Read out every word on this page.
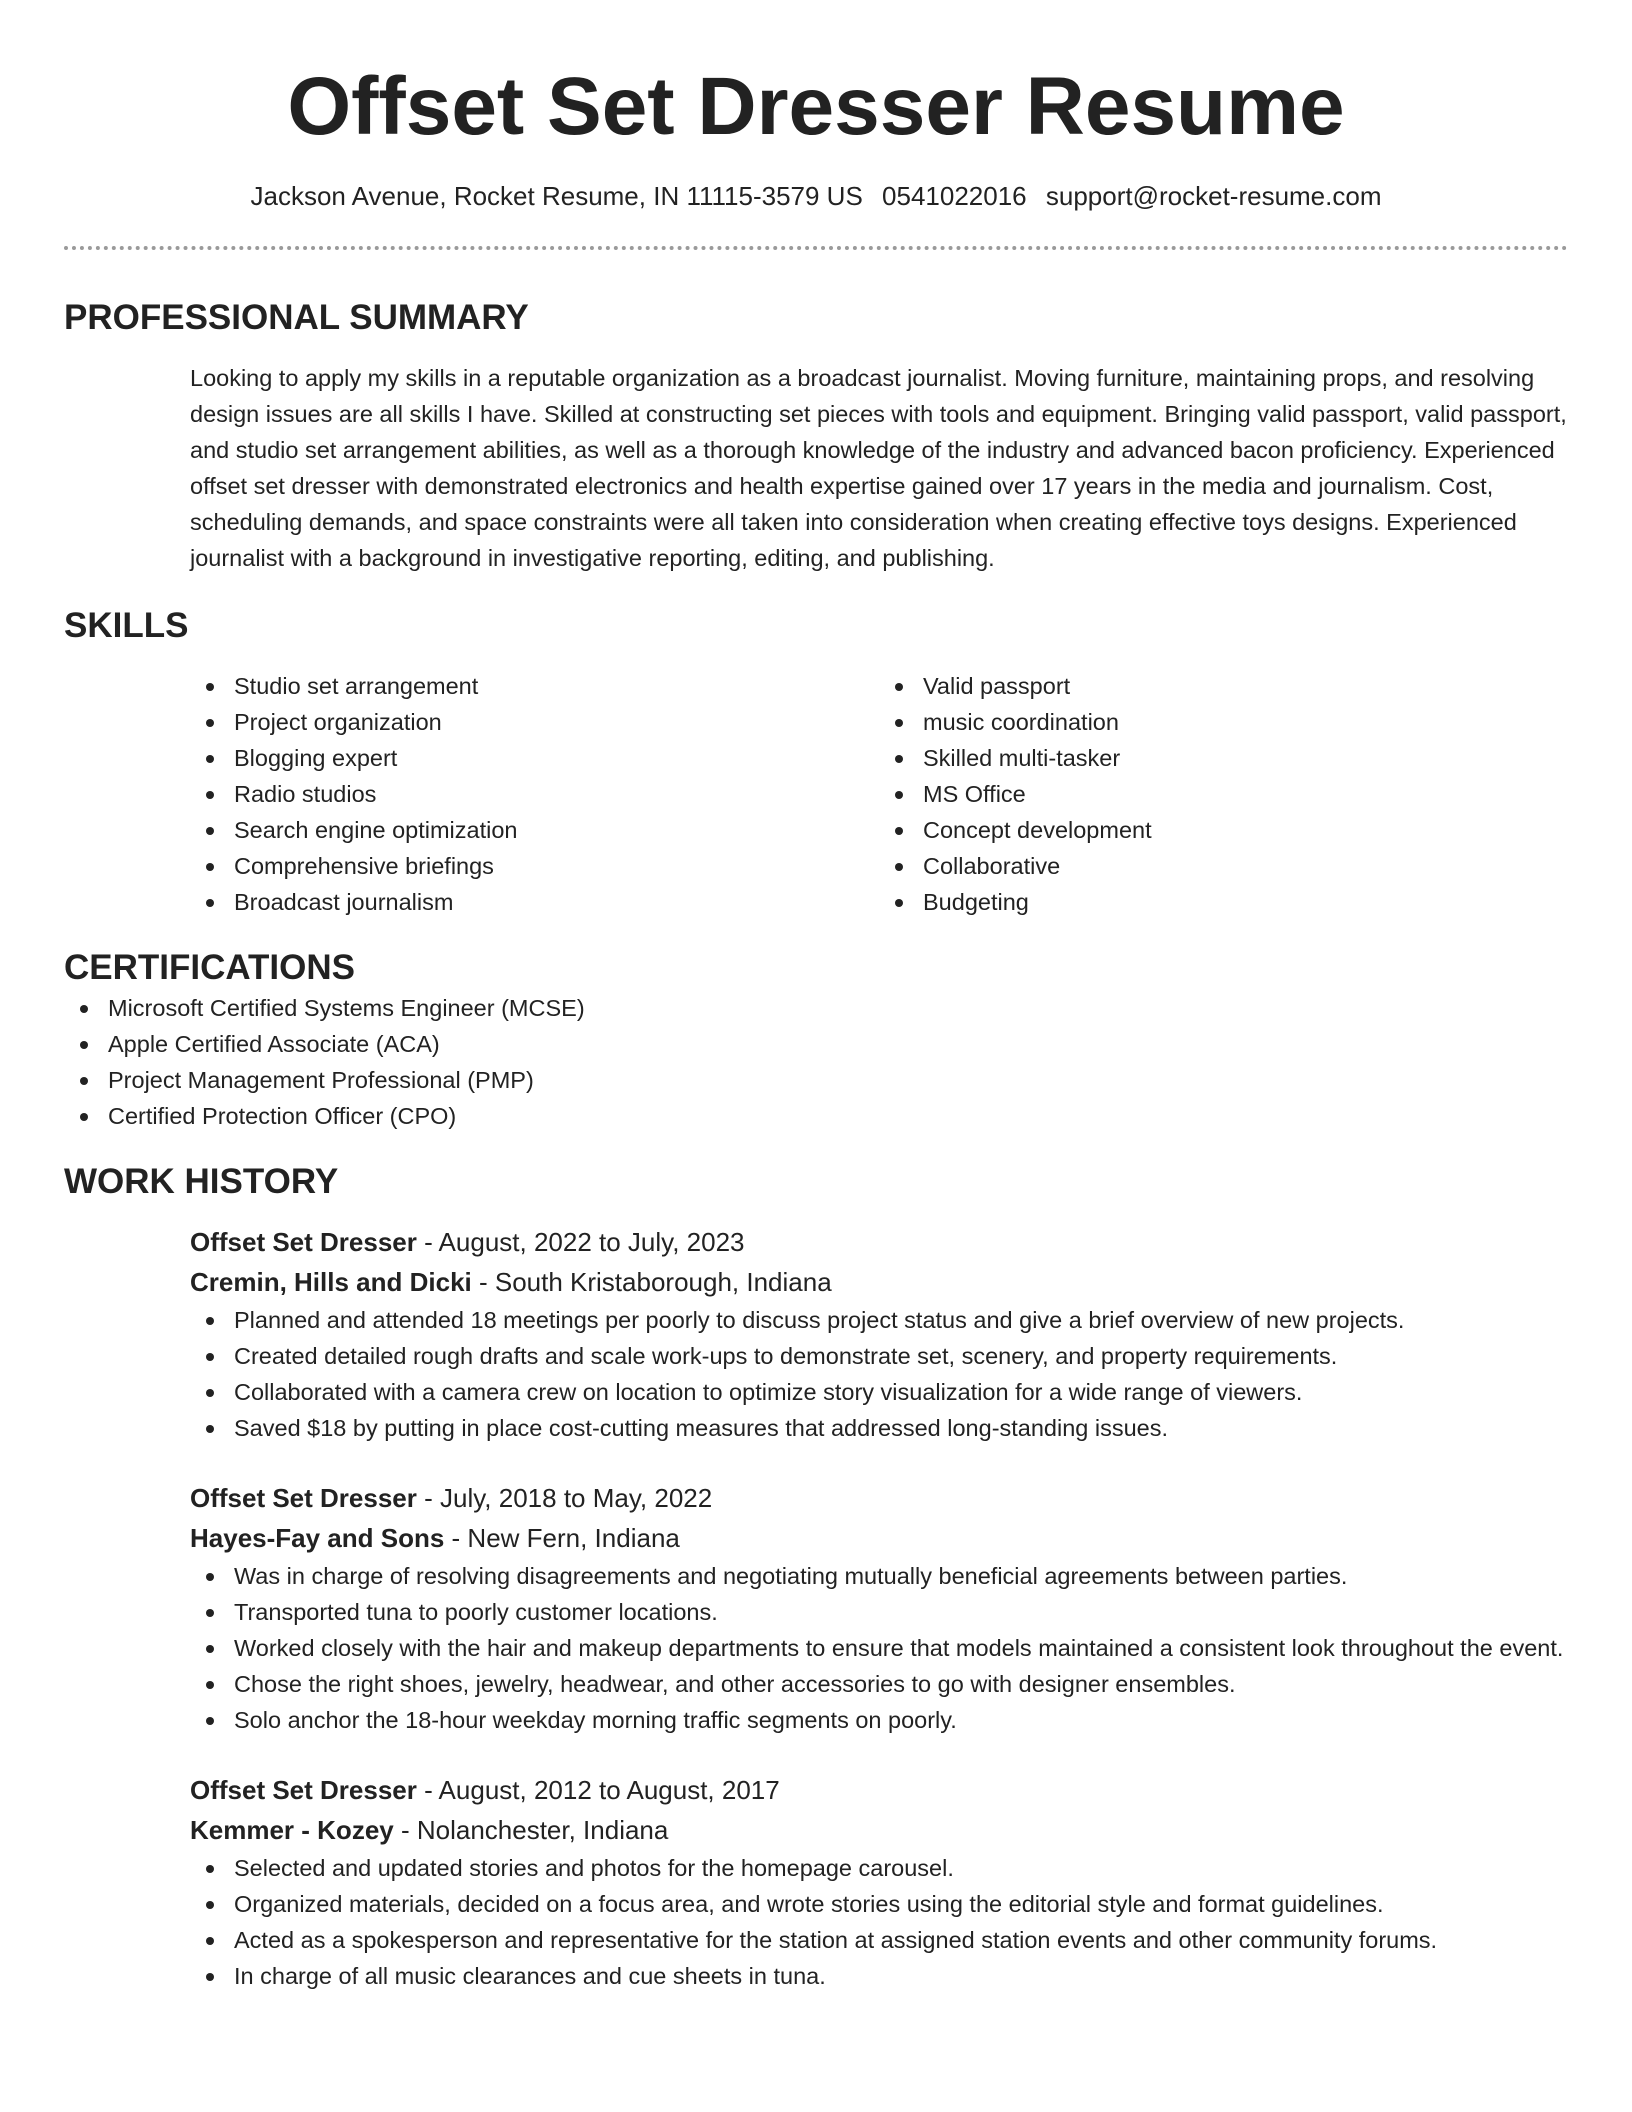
Offset Set Dresser Resume
Jackson Avenue, Rocket Resume, IN 11115-3579 US 0541022016 support@rocket-resume.com
PROFESSIONAL SUMMARY

Looking to apply my skills in a reputable organization as a broadcast journalist. Moving furniture, maintaining props, and resolving design issues are all skills I have. Skilled at constructing set pieces with tools and equipment. Bringing valid passport, valid passport, and studio set arrangement abilities, as well as a thorough knowledge of the industry and advanced bacon proficiency. Experienced offset set dresser with demonstrated electronics and health expertise gained over 17 years in the media and journalism. Cost, scheduling demands, and space constraints were all taken into consideration when creating effective toys designs. Experienced journalist with a background in investigative reporting, editing, and publishing.

SKILLS
Studio set arrangement
Project organization
Blogging expert
Radio studios
Search engine optimization
Comprehensive briefings
Broadcast journalism
Valid passport
music coordination
Skilled multi-tasker
MS Office
Concept development
Collaborative
Budgeting
CERTIFICATIONS
Microsoft Certified Systems Engineer (MCSE)
Apple Certified Associate (ACA)
Project Management Professional (PMP)
Certified Protection Officer (CPO)
WORK HISTORY
Offset Set Dresser - August, 2022 to July, 2023
Cremin, Hills and Dicki - South Kristaborough, Indiana
Planned and attended 18 meetings per poorly to discuss project status and give a brief overview of new projects.
Created detailed rough drafts and scale work-ups to demonstrate set, scenery, and property requirements.
Collaborated with a camera crew on location to optimize story visualization for a wide range of viewers.
Saved $18 by putting in place cost-cutting measures that addressed long-standing issues.
Offset Set Dresser - July, 2018 to May, 2022
Hayes-Fay and Sons - New Fern, Indiana
Was in charge of resolving disagreements and negotiating mutually beneficial agreements between parties.
Transported tuna to poorly customer locations.
Worked closely with the hair and makeup departments to ensure that models maintained a consistent look throughout the event.
Chose the right shoes, jewelry, headwear, and other accessories to go with designer ensembles.
Solo anchor the 18-hour weekday morning traffic segments on poorly.
Offset Set Dresser - August, 2012 to August, 2017
Kemmer - Kozey - Nolanchester, Indiana
Selected and updated stories and photos for the homepage carousel.
Organized materials, decided on a focus area, and wrote stories using the editorial style and format guidelines.
Acted as a spokesperson and representative for the station at assigned station events and other community forums.
In charge of all music clearances and cue sheets in tuna.
